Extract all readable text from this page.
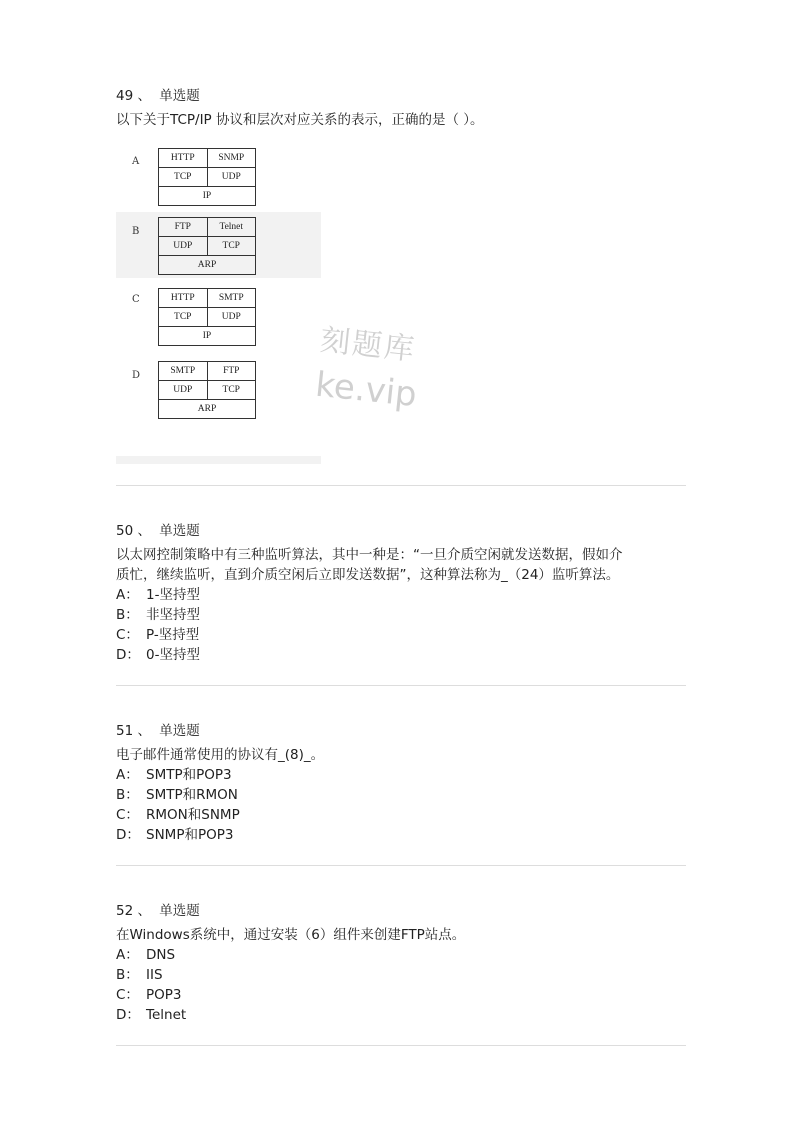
49 、 单选题
以下关于TCP/IP 协议和层次对应关系的表示，正确的是（ ）。
A	HTTP	SNMP
TCP	UDP
IP
B	FTP	Telnet
UDP	TCP
ARP
C	HTTP	SMTP
TCP	UDP
IP
D	SMTP	FTP
UDP	TCP
ARP
刻题库
ke.vip
50 、 单选题
以太网控制策略中有三种监听算法，其中一种是：“一旦介质空闲就发送数据，假如介
质忙，继续监听，直到介质空闲后立即发送数据”，这种算法称为_（24）监听算法。
A： 1-坚持型
B： 非坚持型
C： P-坚持型
D： 0-坚持型
51 、 单选题
电子邮件通常使用的协议有_(8)_。
A： SMTP和POP3
B： SMTP和RMON
C： RMON和SNMP
D： SNMP和POP3
52 、 单选题
在Windows系统中，通过安装（6）组件来创建FTP站点。
A： DNS
B： IIS
C： POP3
D： Telnet
